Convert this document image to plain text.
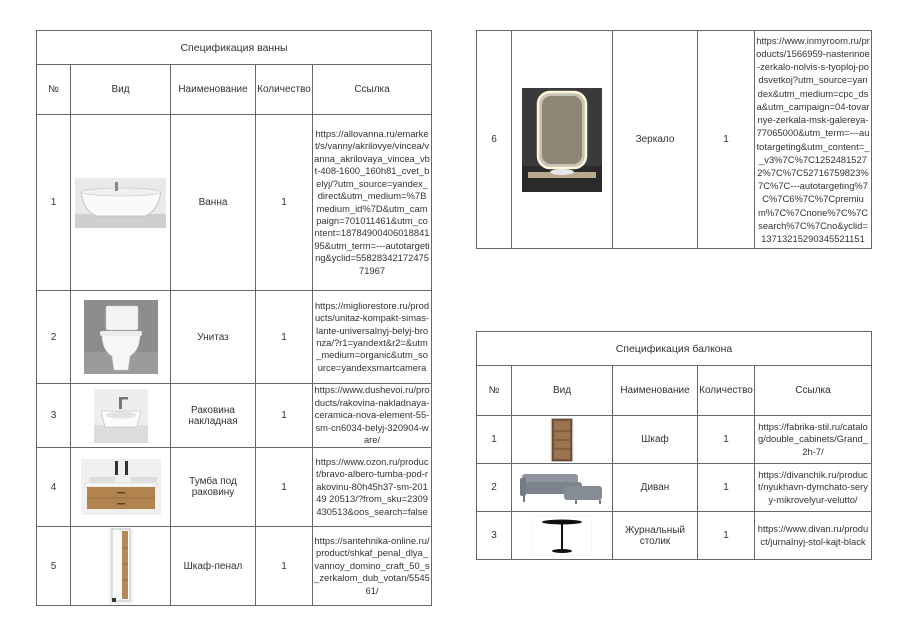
Спецификация ванны				
№	Вид	Наименование	Количество	Ссылка
1		Ванна	1	https://allovanna.ru/emarket/s/vanny/akrilovye/vincea/vanna_akrilovaya_vincea_vbt-408-1600_160h81_cvet_belyj/?utm_source=yandex_direct&utm_medium=%7Bmedium_id%7D&utm_campaign=701011461&utm_content=1878490040601884195&utm_term=---autotargeting&yclid=5582834217247571967
2		Унитаз	1	https://migliorestore.ru/products/unitaz-kompakt-simas-lante-universalnyj-belyj-bronza/?r1=yandext&r2=&utm_medium=organic&utm_source=yandexsmartcamera
3		Раковина накладная	1	https://www.dushevoi.ru/products/rakovina-nakladnaya-ceramica-nova-element-55-sm-cn6034-belyj-320904-ware/
4		Тумба под раковину	1	https://www.ozon.ru/product/bravo-albero-tumba-pod-rakovinu-80h45h37-sm-20149 20513/?from_sku=2309430513&oos_search=false
5		Шкаф-пенал	1	https://santehnika-online.ru/product/shkaf_penal_dlya_vannoy_domino_craft_50_s_zerkalom_dub_votan/554561/
6		Зеркало	1	https://www.inmyroom.ru/products/1566959-nastennoe-zerkalo-nolvis-s-tyoploj-podsvetkoj?utm_source=yandex&utm_medium=cpc_dsa&utm_campaign=04-tovarnye-zerkala-msk-galereya-77065000&utm_term=---autotargeting&utm_content=__v3%7C%7C12524815272%7C%7C52716759823%7C%7C---autotargeting%7C%7C6%7C%7Cpremium%7C%7Cnone%7C%7Csearch%7C%7Cno&yclid=13713215290345521151
Спецификация балкона				
№	Вид	Наименование	Количество	Ссылка
1		Шкаф	1	https://fabrika-stil.ru/catalog/double_cabinets/Grand_2h-7/
2		Диван	1	https://divanchik.ru/product/nyukhavn-dymchato-seryy-mikrovelyur-velutto/
3		Журнальный столик	1	https://www.divan.ru/product/jurnalnyj-stol-kajt-black
